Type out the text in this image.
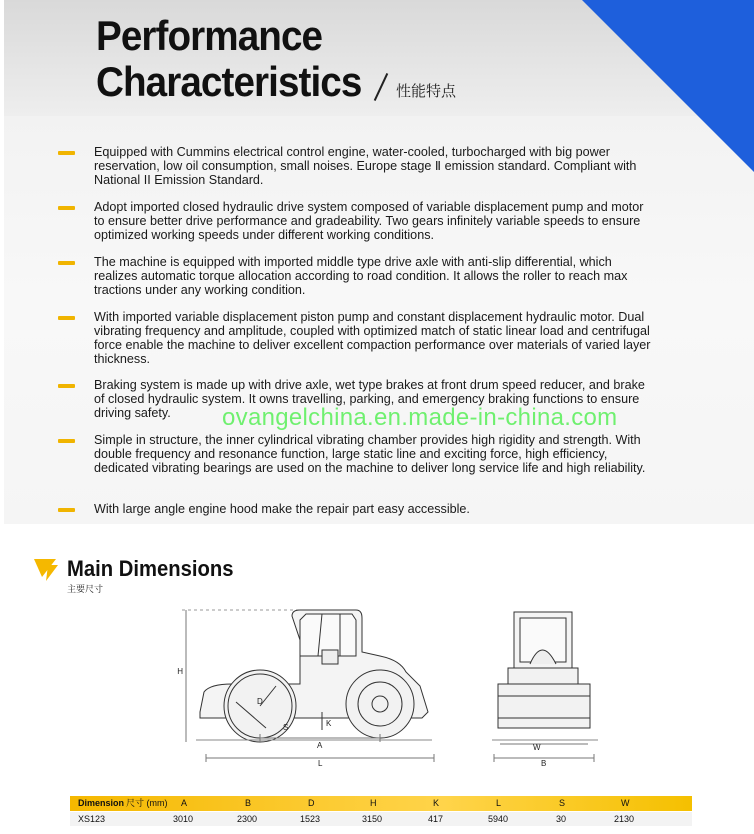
Performance
Characteristics 性能特点
Equipped with Cummins electrical control engine, water-cooled, turbocharged with big power reservation, low oil consumption, small noises. Europe stage Ⅱ emission standard. Compliant with National II Emission Standard.
Adopt imported closed hydraulic drive system composed of variable displacement pump and motor to ensure better drive performance and gradeability. Two gears infinitely variable speeds to ensure optimized working speeds under different working conditions.
The machine is equipped with imported middle type drive axle with anti-slip differential, which realizes automatic torque allocation according to road condition. It allows the roller to reach max tractions under any working condition.
With imported variable displacement piston pump and constant displacement hydraulic motor. Dual vibrating frequency and amplitude, coupled with optimized match of static linear load and centrifugal force enable the machine to deliver excellent compaction performance over materials of varied layer thickness.
Braking system is made up with drive axle, wet type brakes at front drum speed reducer, and brake of closed hydraulic system. It owns travelling, parking, and emergency braking functions to ensure driving safety.
Simple in structure, the inner cylindrical vibrating chamber provides high rigidity and strength. With double frequency and resonance function, large static line and exciting force, high efficiency, dedicated vibrating bearings are used on the machine to deliver long service life and high reliability.
With large angle engine hood make the repair part easy accessible.
ovangelchina.en.made-in-china.com
Main Dimensions
主要尺寸
H
D
S	K
A
L
W
B
Dimension 尺寸 (mm) A	B	D	H	K	L	S	W
XS123	3010	2300	1523	3150	417	5940	30	2130
